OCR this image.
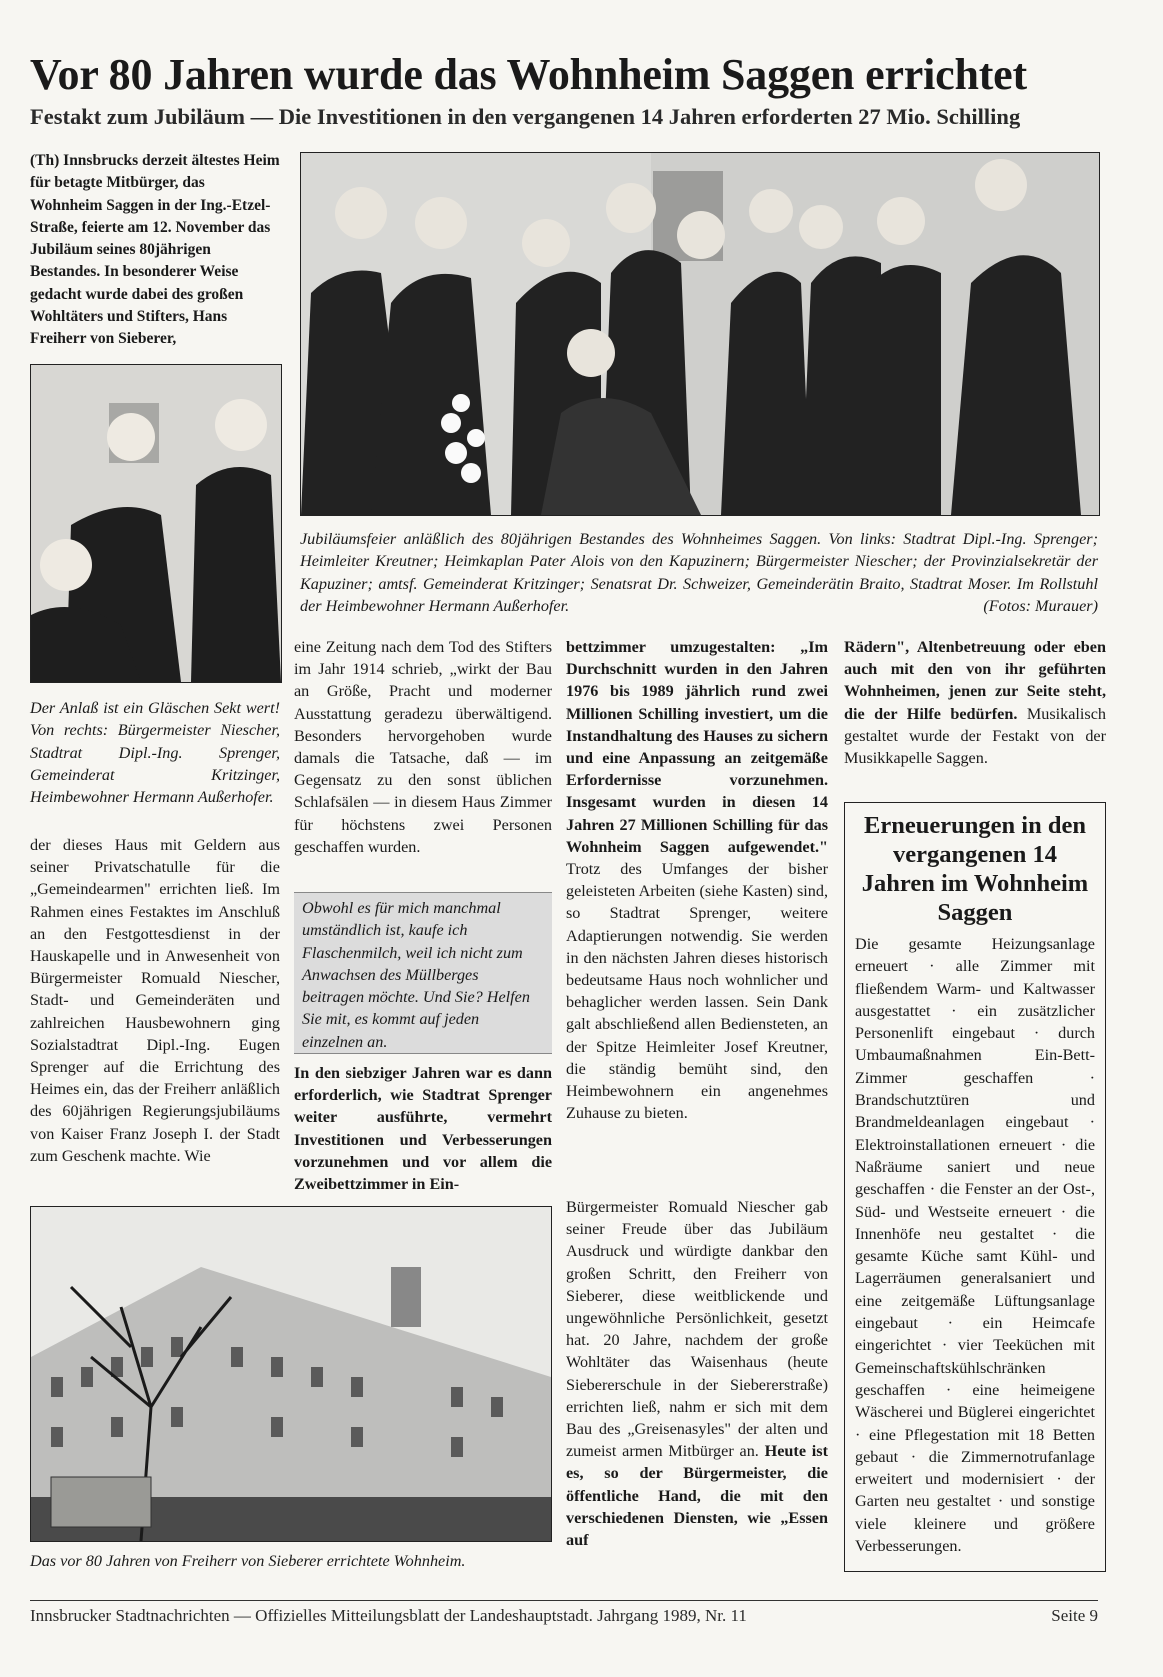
Vor 80 Jahren wurde das Wohnheim Saggen errichtet
Festakt zum Jubiläum — Die Investitionen in den vergangenen 14 Jahren erforderten 27 Mio. Schilling
(Th) Innsbrucks derzeit ältestes Heim für betagte Mitbürger, das Wohnheim Saggen in der Ing.-Etzel-Straße, feierte am 12. November das Jubiläum seines 80jährigen Bestandes. In besonderer Weise gedacht wurde dabei des großen Wohltäters und Stifters, Hans Freiherr von Sieberer,

Jubiläumsfeier anläßlich des 80jährigen Bestandes des Wohnheimes Saggen. Von links: Stadtrat Dipl.-Ing. Sprenger; Heimleiter Kreutner; Heimkaplan Pater Alois von den Kapuzinern; Bürgermeister Niescher; der Provinzialsekretär der Kapuziner; amtsf. Gemeinderat Kritzinger; Senatsrat Dr. Schweizer, Gemeinderätin Braito, Stadtrat Moser. Im Rollstuhl der Heimbewohner Hermann Außerhofer.	(Fotos: Murauer)

Der Anlaß ist ein Gläschen Sekt wert! Von rechts: Bürgermeister Niescher, Stadtrat Dipl.-Ing. Sprenger, Gemeinderat Kritzinger, Heimbewohner Hermann Außerhofer.

der dieses Haus mit Geldern aus seiner Privatschatulle für die „Gemeindearmen" errichten ließ. Im Rahmen eines Festaktes im Anschluß an den Festgottesdienst in der Hauskapelle und in Anwesenheit von Bürgermeister Romuald Niescher, Stadt- und Gemeinderäten und zahlreichen Hausbewohnern ging Sozialstadtrat Dipl.-Ing. Eugen Sprenger auf die Errichtung des Heimes ein, das der Freiherr anläßlich des 60jährigen Regierungsjubiläums von Kaiser Franz Joseph I. der Stadt zum Geschenk machte. Wie

eine Zeitung nach dem Tod des Stifters im Jahr 1914 schrieb, „wirkt der Bau an Größe, Pracht und moderner Ausstattung geradezu überwältigend. Besonders hervorgehoben wurde damals die Tatsache, daß — im Gegensatz zu den sonst üblichen Schlafsälen — in diesem Haus Zimmer für höchstens zwei Personen geschaffen wurden.

Obwohl es für mich manchmal umständlich ist, kaufe ich Flaschenmilch, weil ich nicht zum Anwachsen des Müllberges beitragen möchte. Und Sie? Helfen Sie mit, es kommt auf jeden einzelnen an.

In den siebziger Jahren war es dann erforderlich, wie Stadtrat Sprenger weiter ausführte, vermehrt Investitionen und Verbesserungen vorzunehmen und vor allem die Zweibettzimmer in Ein-

bettzimmer umzugestalten: „Im Durchschnitt wurden in den Jahren 1976 bis 1989 jährlich rund zwei Millionen Schilling investiert, um die Instandhaltung des Hauses zu sichern und eine Anpassung an zeitgemäße Erfordernisse vorzunehmen. Insgesamt wurden in diesen 14 Jahren 27 Millionen Schilling für das Wohnheim Saggen aufgewendet." Trotz des Umfanges der bisher geleisteten Arbeiten (siehe Kasten) sind, so Stadtrat Sprenger, weitere Adaptierungen notwendig. Sie werden in den nächsten Jahren dieses historisch bedeutsame Haus noch wohnlicher und behaglicher werden lassen. Sein Dank galt abschließend allen Bediensteten, an der Spitze Heimleiter Josef Kreutner, die ständig bemüht sind, den Heimbewohnern ein angenehmes Zuhause zu bieten.
Bürgermeister Romuald Niescher gab seiner Freude über das Jubiläum Ausdruck und würdigte dankbar den großen Schritt, den Freiherr von Sieberer, diese weitblickende und ungewöhnliche Persönlichkeit, gesetzt hat. 20 Jahre, nachdem der große Wohltäter das Waisenhaus (heute Siebererschule in der Siebererstraße) errichten ließ, nahm er sich mit dem Bau des „Greisenasyles" der alten und zumeist armen Mitbürger an. Heute ist es, so der Bürgermeister, die öffentliche Hand, die mit den verschiedenen Diensten, wie „Essen auf
Rädern", Altenbetreuung oder eben auch mit den von ihr geführten Wohnheimen, jenen zur Seite steht, die der Hilfe bedürfen. Musikalisch gestaltet wurde der Festakt von der Musikkapelle Saggen.

Erneuerungen in den vergangenen 14 Jahren im Wohnheim Saggen

Die gesamte Heizungsanlage erneuert · alle Zimmer mit fließendem Warm- und Kaltwasser ausgestattet · ein zusätzlicher Personenlift eingebaut · durch Umbaumaßnahmen Ein-Bett-Zimmer geschaffen · Brandschutztüren und Brandmeldeanlagen eingebaut · Elektroinstallationen erneuert · die Naßräume saniert und neue geschaffen · die Fenster an der Ost-, Süd- und Westseite erneuert · die Innenhöfe neu gestaltet · die gesamte Küche samt Kühl- und Lagerräumen generalsaniert und eine zeitgemäße Lüftungsanlage eingebaut · ein Heimcafe eingerichtet · vier Teeküchen mit Gemeinschaftskühlschränken geschaffen · eine heimeigene Wäscherei und Büglerei eingerichtet · eine Pflegestation mit 18 Betten gebaut · die Zimmernotrufanlage erweitert und modernisiert · der Garten neu gestaltet · und sonstige viele kleinere und größere Verbesserungen.

Das vor 80 Jahren von Freiherr von Sieberer errichtete Wohnheim.

Innsbrucker Stadtnachrichten — Offizielles Mitteilungsblatt der Landeshauptstadt. Jahrgang 1989, Nr. 11	Seite 9
